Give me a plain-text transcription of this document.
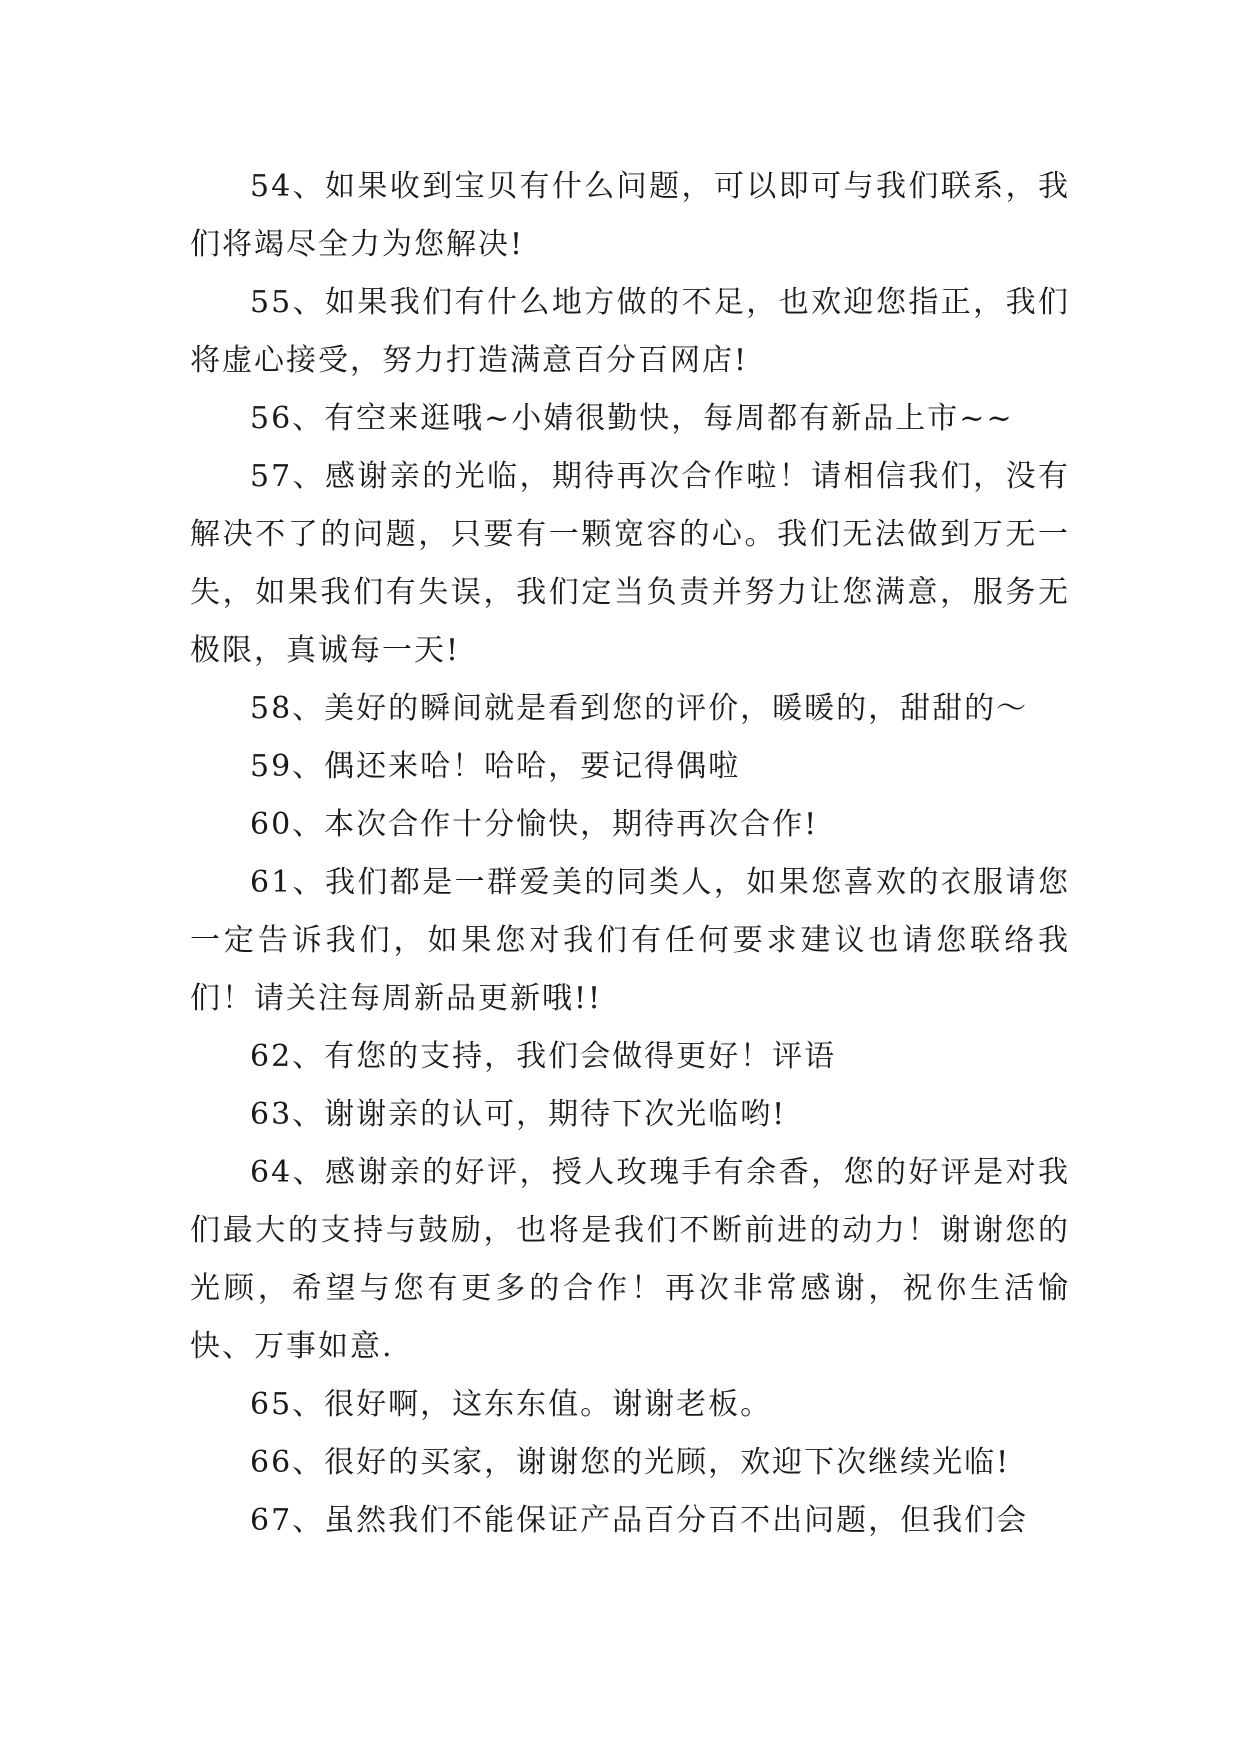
54、如果收到宝贝有什么问题，可以即可与我们联系，我们将竭尽全力为您解决!

55、如果我们有什么地方做的不足，也欢迎您指正，我们将虚心接受，努力打造满意百分百网店!

56、有空来逛哦~小婧很勤快，每周都有新品上市~~

57、感谢亲的光临，期待再次合作啦！请相信我们，没有解决不了的问题，只要有一颗宽容的心。我们无法做到万无一失，如果我们有失误，我们定当负责并努力让您满意，服务无极限，真诚每一天!

58、美好的瞬间就是看到您的评价，暖暖的，甜甜的～

59、偶还来哈！哈哈，要记得偶啦

60、本次合作十分愉快，期待再次合作!

61、我们都是一群爱美的同类人，如果您喜欢的衣服请您一定告诉我们，如果您对我们有任何要求建议也请您联络我们！请关注每周新品更新哦!!

62、有您的支持，我们会做得更好！评语

63、谢谢亲的认可，期待下次光临哟!

64、感谢亲的好评，授人玫瑰手有余香，您的好评是对我们最大的支持与鼓励，也将是我们不断前进的动力！谢谢您的光顾，希望与您有更多的合作！再次非常感谢，祝你生活愉快、万事如意.

65、很好啊，这东东值。谢谢老板。

66、很好的买家，谢谢您的光顾，欢迎下次继续光临!

67、虽然我们不能保证产品百分百不出问题，但我们会
